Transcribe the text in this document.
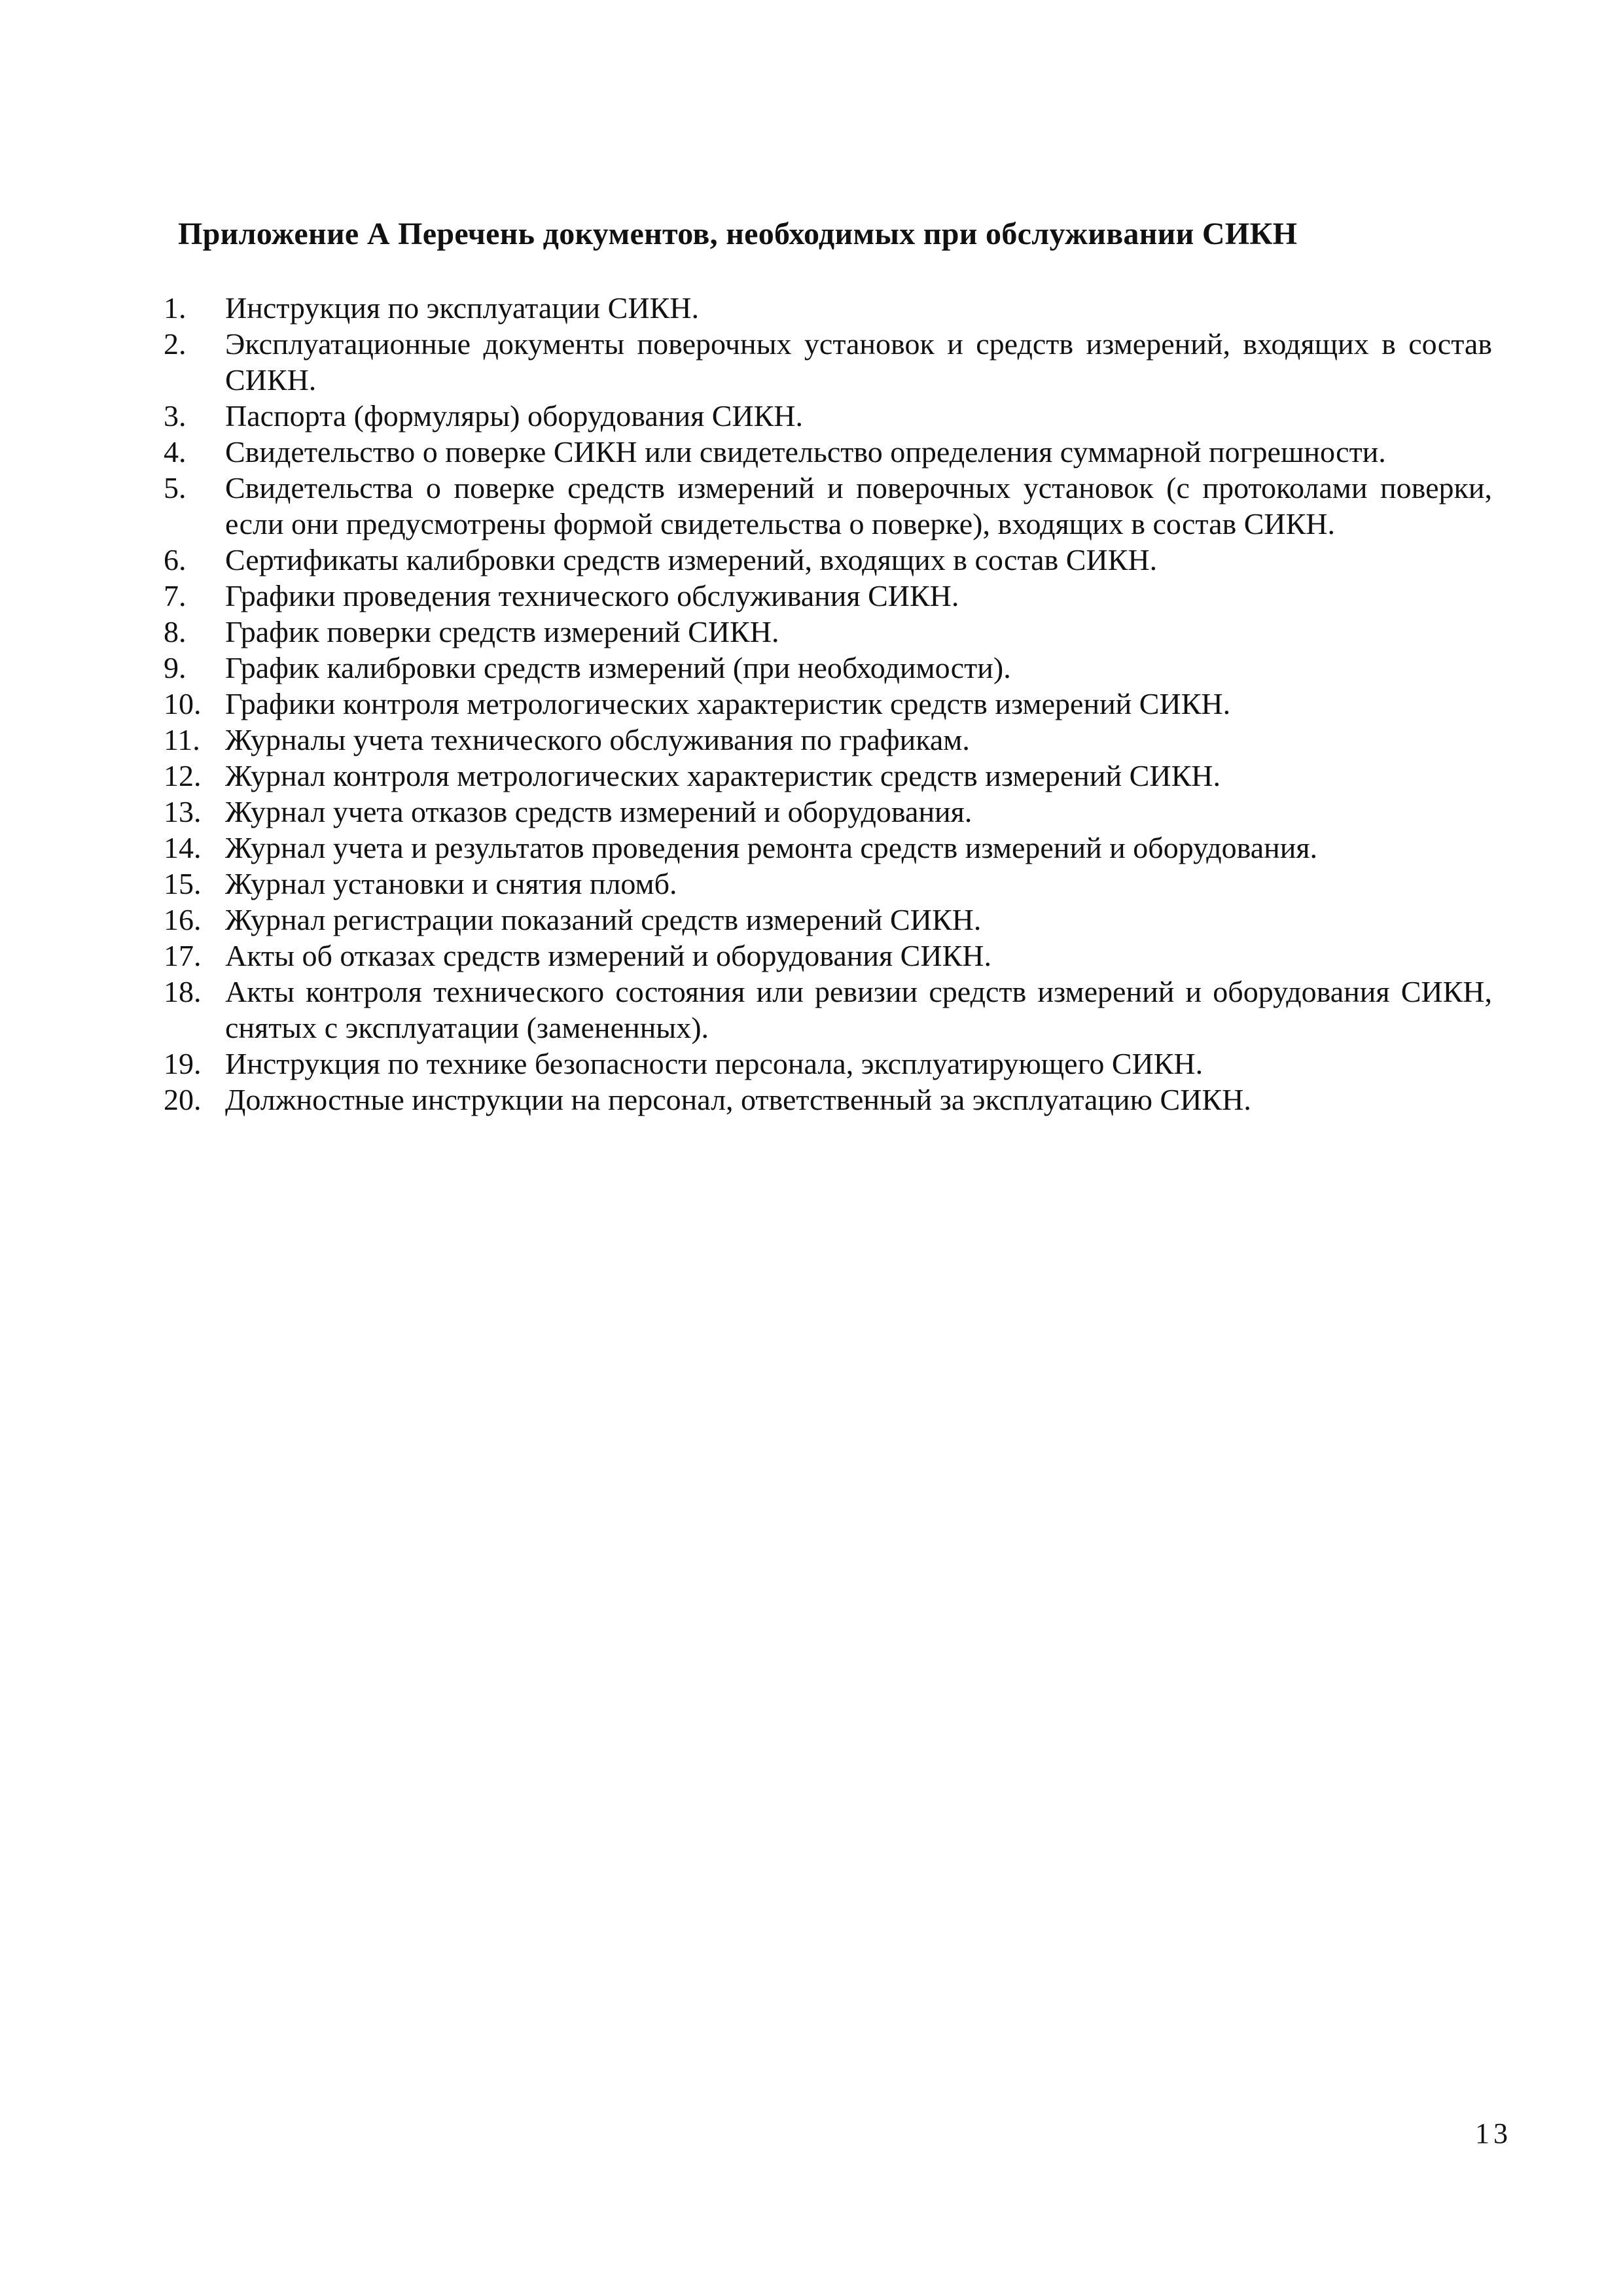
Приложение А Перечень документов, необходимых при обслуживании СИКН
1.	Инструкция по эксплуатации СИКН.
2.	Эксплуатационные документы поверочных установок и средств измерений, входящих в состав СИКН.
3.	Паспорта (формуляры) оборудования СИКН.
4.	Свидетельство о поверке СИКН или свидетельство определения суммарной погрешности.
5.	Свидетельства о поверке средств измерений и поверочных установок (с протоколами поверки, если они предусмотрены формой свидетельства о поверке), входящих в состав СИКН.
6.	Сертификаты калибровки средств измерений, входящих в состав СИКН.
7.	Графики проведения технического обслуживания СИКН.
8.	График поверки средств измерений СИКН.
9.	График калибровки средств измерений (при необходимости).
10. Графики контроля метрологических характеристик средств измерений СИКН.
11. Журналы учета технического обслуживания по графикам.
12. Журнал контроля метрологических характеристик средств измерений СИКН.
13. Журнал учета отказов средств измерений и оборудования.
14. Журнал учета и результатов проведения ремонта средств измерений и оборудования.
15. Журнал установки и снятия пломб.
16. Журнал регистрации показаний средств измерений СИКН.
17. Акты об отказах средств измерений и оборудования СИКН.
18. Акты контроля технического состояния или ревизии средств измерений и оборудования СИКН, снятых с эксплуатации (замененных).
19. Инструкция по технике безопасности персонала, эксплуатирующего СИКН.
20. Должностные инструкции на персонал, ответственный за эксплуатацию СИКН.
13
